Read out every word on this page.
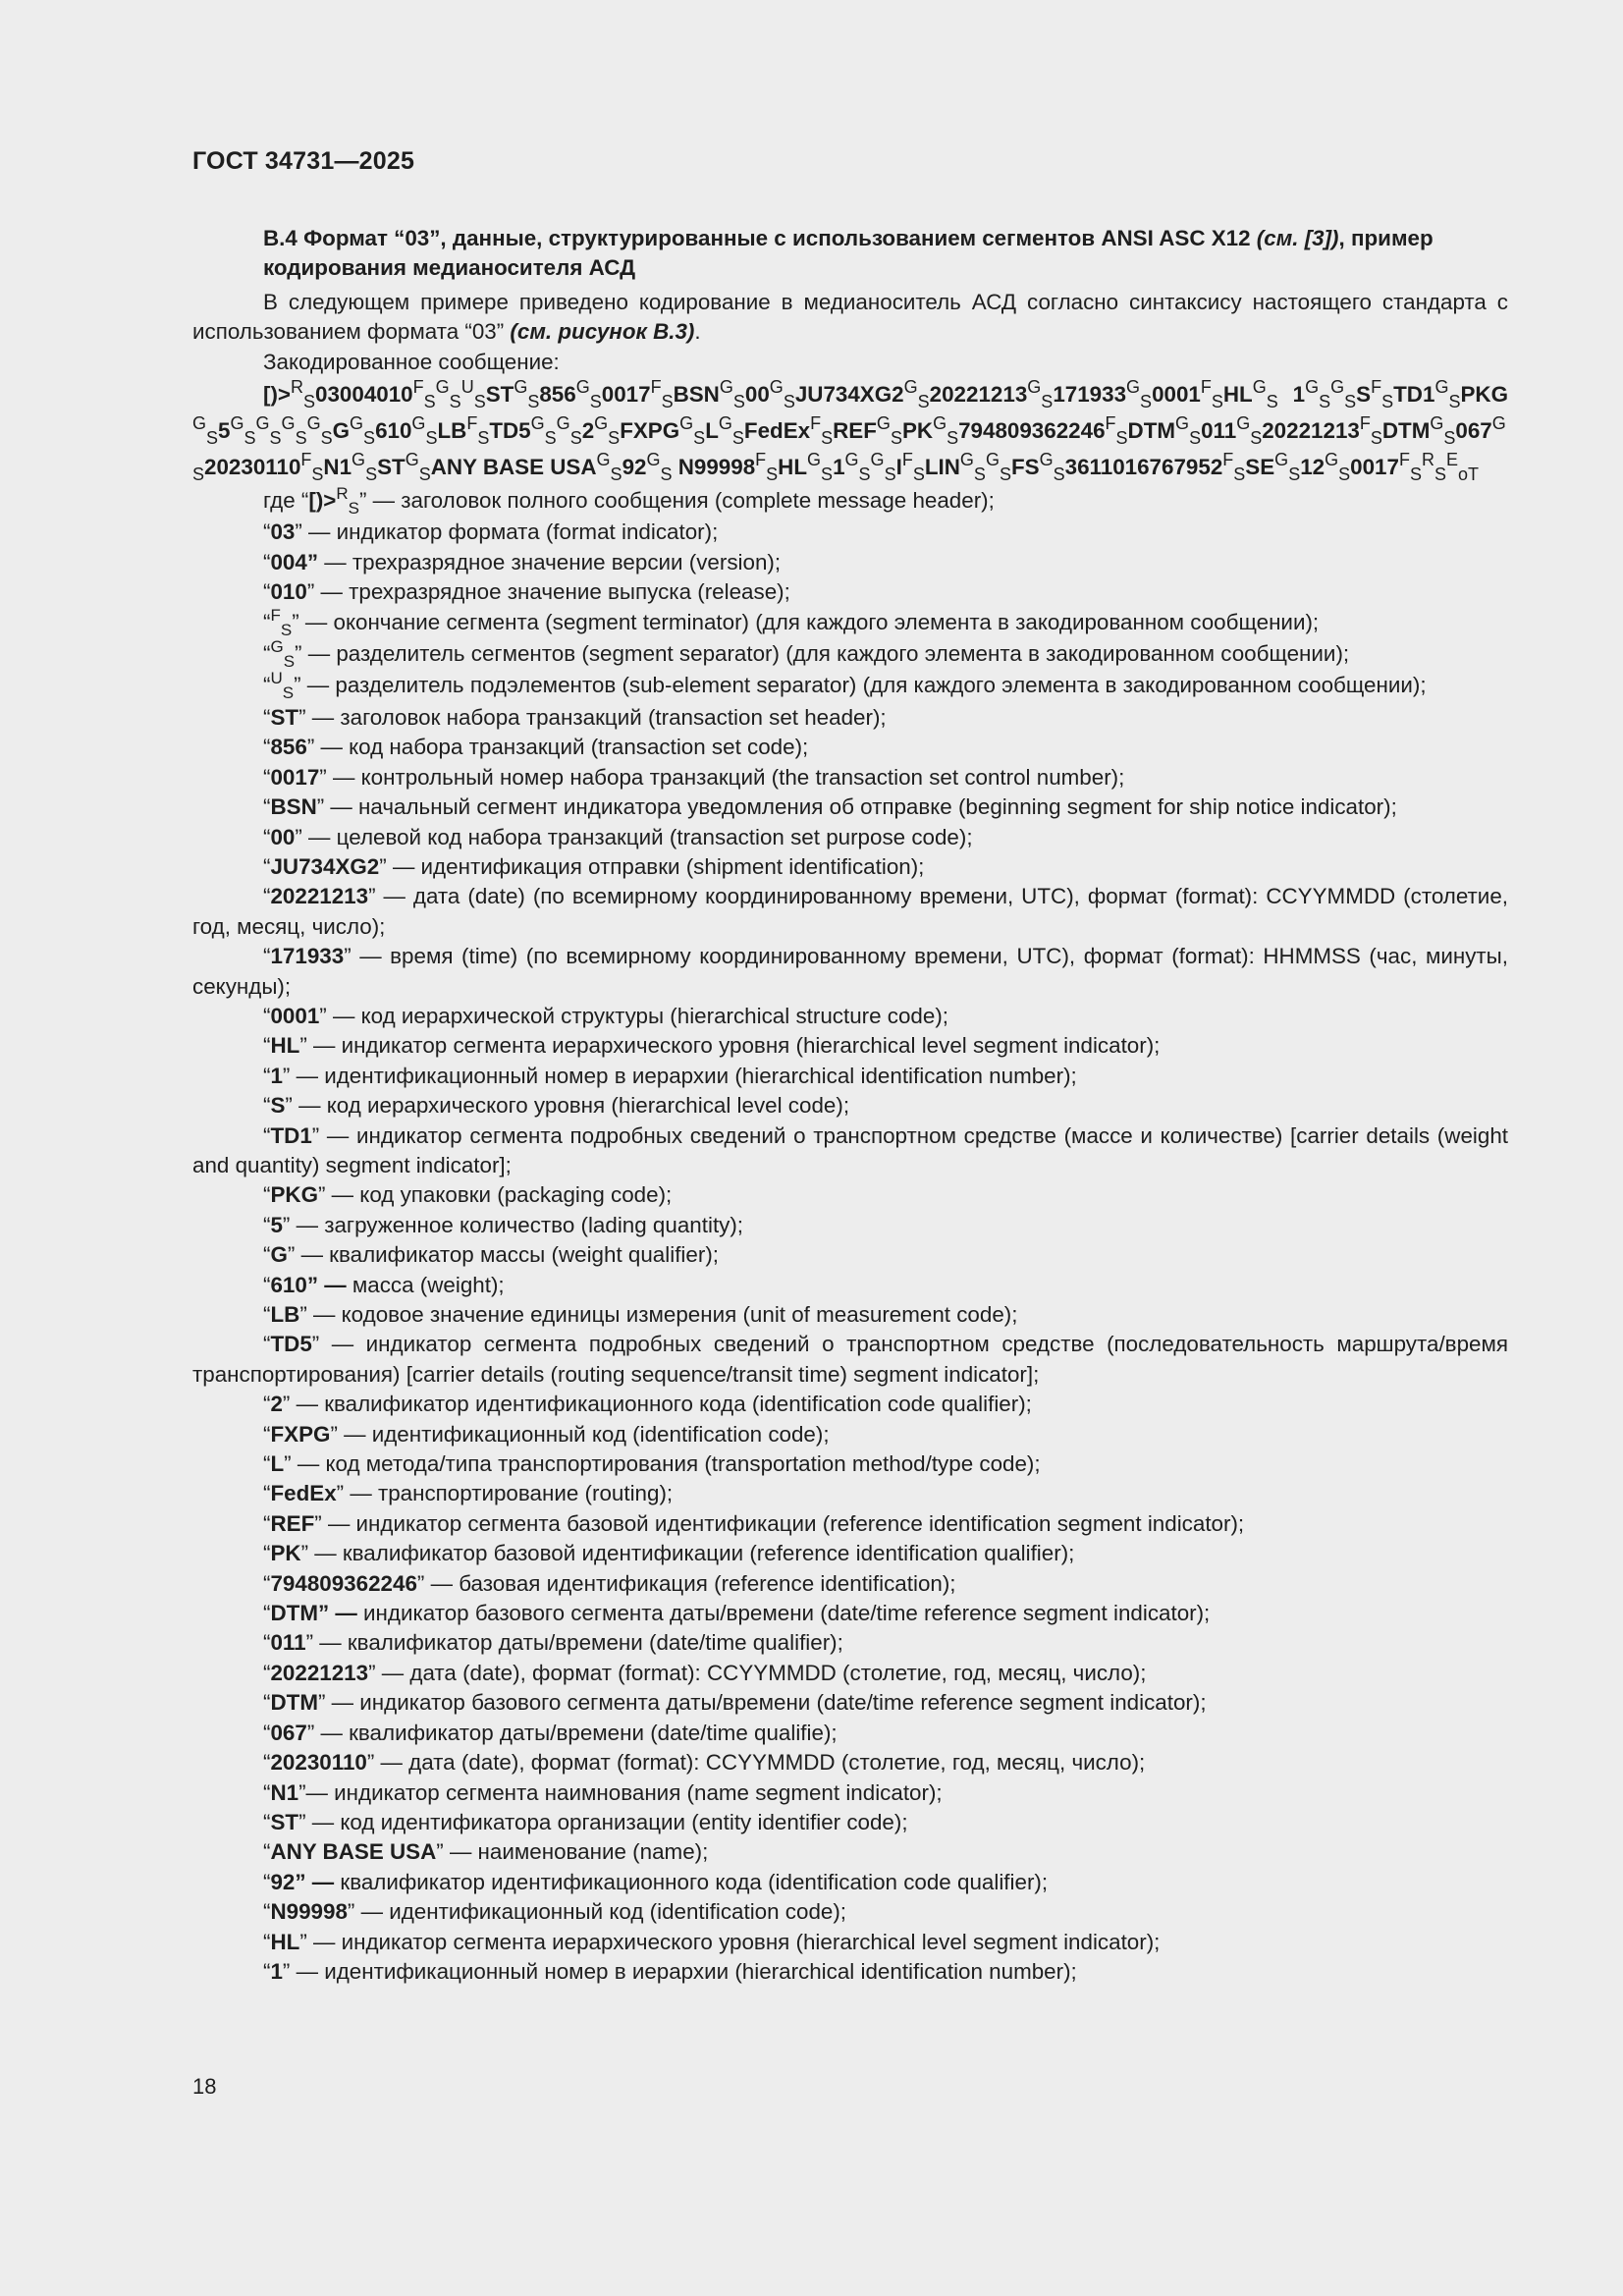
ГОСТ 34731—2025

В.4 Формат “03”, данные, структурированные с использованием сегментов ANSI ASC X12 (см. [3]), пример кодирования медианосителя АСД

В следующем примере приведено кодирование в медианоситель АСД согласно синтаксису настоящего стандарта с использованием формата “03” (см. рисунок В.3).

Закодированное сообщение:

[)>RS03004010FSGSUSSTGS856GS0017FSBSNGS00GSJU734XG2GS20221213GS171933GS0001FSHLGS 1GSGSSFSTD1GSPKGGS5GSGSGSGSGGS610GSLBFSTD5GSGS2GSFXPGGSLGSFedExFSREFGSPKGS794809362246FSDTMGS011GS20221213FSDTMGS067GS20230110FSN1GSSTGSANY BASE USAGS92GS N99998FSHLGS1GSGSIFSLINGSGSFSGS3611016767952FSSEGS12GS0017FSRSEoT

где “[)>$^R_S$” — заголовок полного сообщения (complete message header);
“03” — индикатор формата (format indicator);
“004” — трехразрядное значение версии (version);
“010” — трехразрядное значение выпуска (release);
“$^F_S$” — окончание сегмента (segment terminator) (для каждого элемента в закодированном сообщении);
“$^G_S$” — разделитель сегментов (segment separator) (для каждого элемента в закодированном сообщении);
“$^U_S$” — разделитель подэлементов (sub-element separator) (для каждого элемента в закодированном сообщении);
“ST” — заголовок набора транзакций (transaction set header);
“856” — код набора транзакций (transaction set code);
“0017” — контрольный номер набора транзакций (the transaction set control number);
“BSN” — начальный сегмент индикатора уведомления об отправке (beginning segment for ship notice indicator);
“00” — целевой код набора транзакций (transaction set purpose code);
“JU734XG2” — идентификация отправки (shipment identification);
“20221213” — дата (date) (по всемирному координированному времени, UTC), формат (format): CCYYMMDD (столетие, год, месяц, число);
“171933” — время (time) (по всемирному координированному времени, UTC), формат (format): HHMMSS (час, минуты, секунды);
“0001” — код иерархической структуры (hierarchical structure code);
“HL” — индикатор сегмента иерархического уровня (hierarchical level segment indicator);
“1” — идентификационный номер в иерархии (hierarchical identification number);
“S” — код иерархического уровня (hierarchical level code);
“TD1” — индикатор сегмента подробных сведений о транспортном средстве (массе и количестве) [carrier details (weight and quantity) segment indicator];
“PKG” — код упаковки (packaging code);
“5” — загруженное количество (lading quantity);
“G” — квалификатор массы (weight qualifier);
“610” — масса (weight);
“LB” — кодовое значение единицы измерения (unit of measurement code);
“TD5” — индикатор сегмента подробных сведений о транспортном средстве (последовательность маршрута/время транспортирования) [carrier details (routing sequence/transit time) segment indicator];
“2” — квалификатор идентификационного кода (identification code qualifier);
“FXPG” — идентификационный код (identification code);
“L” — код метода/типа транспортирования (transportation method/type code);
“FedEx” — транспортирование (routing);
“REF” — индикатор сегмента базовой идентификации (reference identification segment indicator);
“PK” — квалификатор базовой идентификации (reference identification qualifier);
“794809362246” — базовая идентификация (reference identification);
“DTM” — индикатор базового сегмента даты/времени (date/time reference segment indicator);
“011” — квалификатор даты/времени (date/time qualifier);
“20221213” — дата (date), формат (format): CCYYMMDD (столетие, год, месяц, число);
“DTM” — индикатор базового сегмента даты/времени (date/time reference segment indicator);
“067” — квалификатор даты/времени (date/time qualifie);
“20230110” — дата (date), формат (format): CCYYMMDD (столетие, год, месяц, число);
“N1”— индикатор сегмента наимнования (name segment indicator);
“ST” — код идентификатора организации (entity identifier code);
“ANY BASE USA” — наименование (name);
“92” — квалификатор идентификационного кода (identification code qualifier);
“N99998” — идентификационный код (identification code);
“HL” — индикатор сегмента иерархического уровня (hierarchical level segment indicator);
“1” — идентификационный номер в иерархии (hierarchical identification number);
18
